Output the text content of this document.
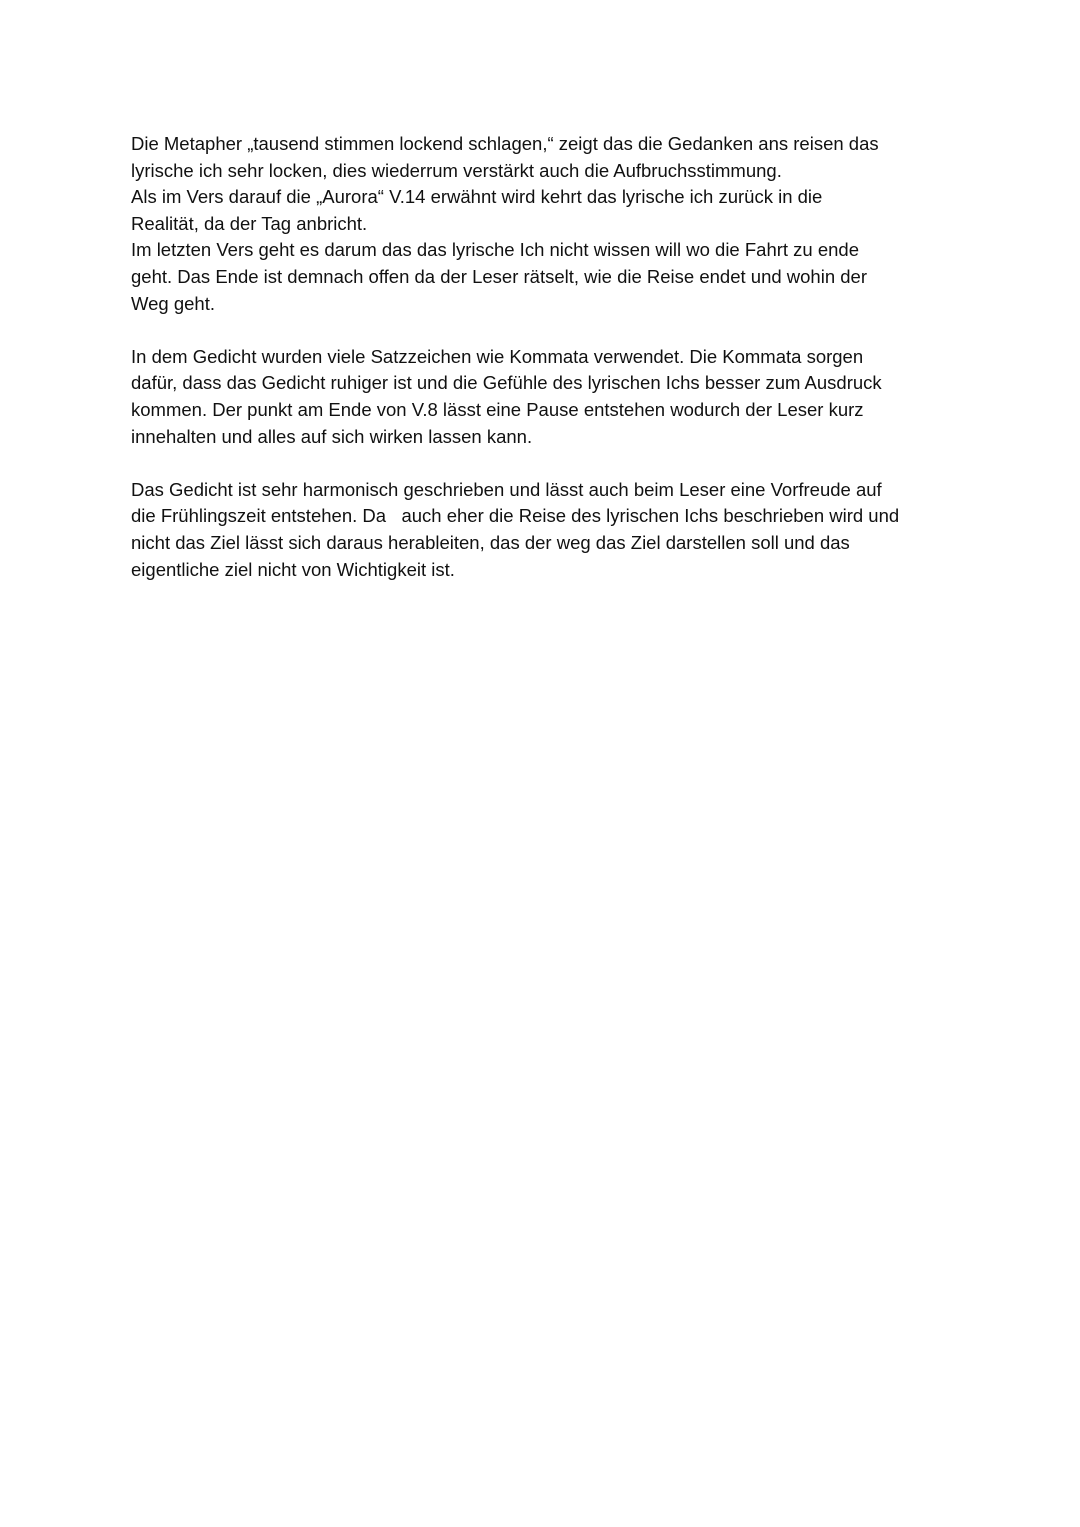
Die Metapher „tausend stimmen lockend schlagen,“ zeigt das die Gedanken ans reisen das
lyrische ich sehr locken, dies wiederrum verstärkt auch die Aufbruchsstimmung.
Als im Vers darauf die „Aurora“ V.14 erwähnt wird kehrt das lyrische ich zurück in die
Realität, da der Tag anbricht.
Im letzten Vers geht es darum das das lyrische Ich nicht wissen will wo die Fahrt zu ende
geht. Das Ende ist demnach offen da der Leser rätselt, wie die Reise endet und wohin der
Weg geht.

In dem Gedicht wurden viele Satzzeichen wie Kommata verwendet. Die Kommata sorgen
dafür, dass das Gedicht ruhiger ist und die Gefühle des lyrischen Ichs besser zum Ausdruck
kommen. Der punkt am Ende von V.8 lässt eine Pause entstehen wodurch der Leser kurz
innehalten und alles auf sich wirken lassen kann.

Das Gedicht ist sehr harmonisch geschrieben und lässt auch beim Leser eine Vorfreude auf
die Frühlingszeit entstehen. Da   auch eher die Reise des lyrischen Ichs beschrieben wird und
nicht das Ziel lässt sich daraus herableiten, das der weg das Ziel darstellen soll und das
eigentliche ziel nicht von Wichtigkeit ist.
